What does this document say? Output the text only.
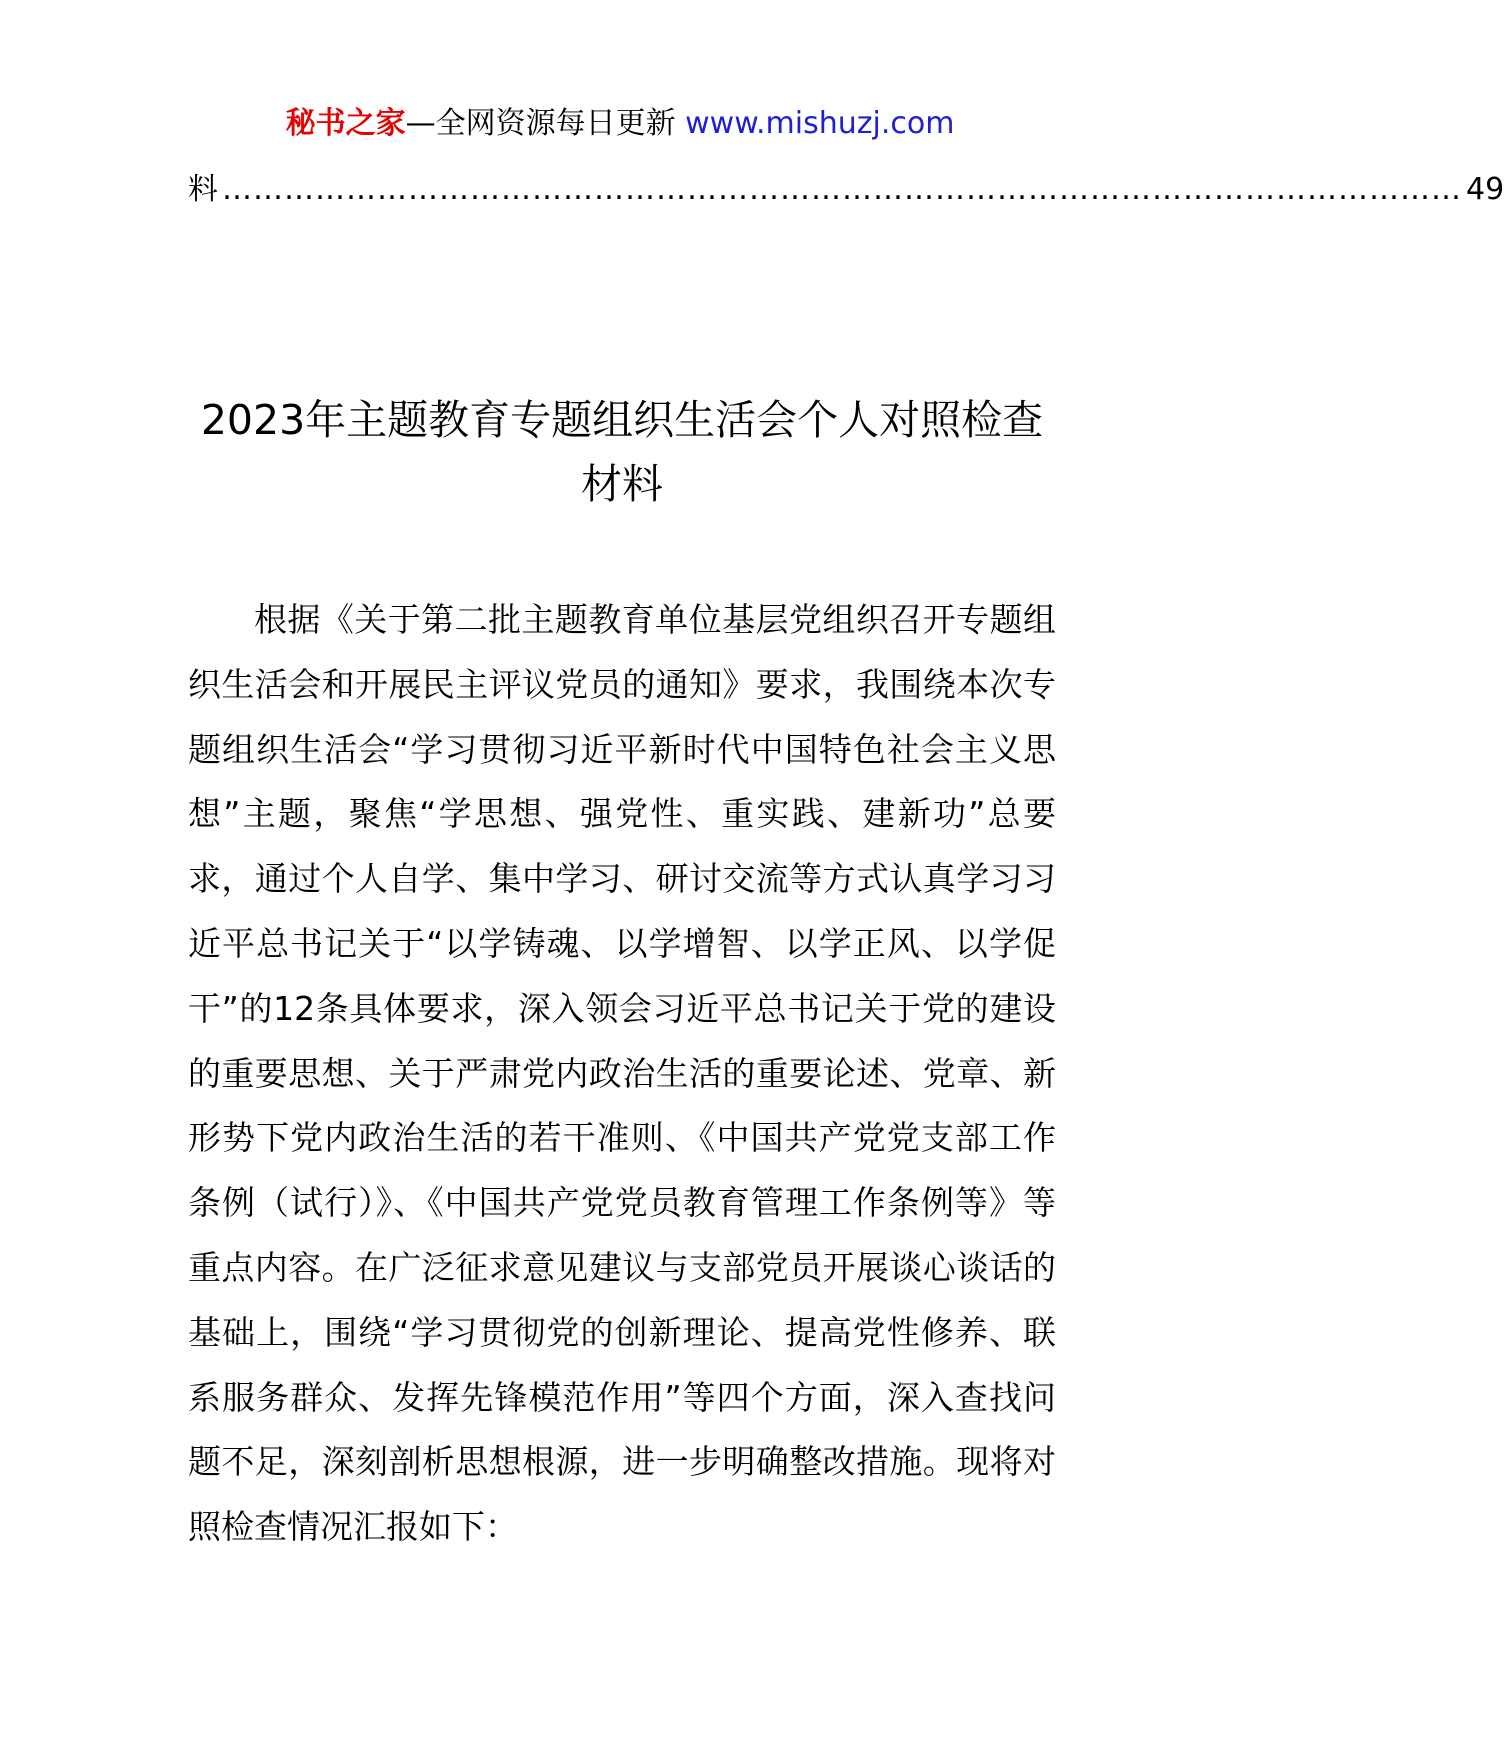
秘书之家—全网资源每日更新 www.mishuzj.com
料 ………………………………………………………………………………………………………… 49
2023年主题教育专题组织生活会个人对照检查材料

根据《关于第二批主题教育单位基层党组织召开专题组织生活会和开展民主评议党员的通知》要求，我围绕本次专题组织生活会“学习贯彻习近平新时代中国特色社会主义思想”主题，聚焦“学思想、强党性、重实践、建新功”总要求，通过个人自学、集中学习、研讨交流等方式认真学习习近平总书记关于“以学铸魂、以学增智、以学正风、以学促干”的12条具体要求，深入领会习近平总书记关于党的建设的重要思想、关于严肃党内政治生活的重要论述、党章、新形势下党内政治生活的若干准则、《中国共产党党支部工作条例（试行）》、《中国共产党党员教育管理工作条例等》等重点内容。在广泛征求意见建议与支部党员开展谈心谈话的基础上，围绕“学习贯彻党的创新理论、提高党性修养、联系服务群众、发挥先锋模范作用”等四个方面，深入查找问题不足，深刻剖析思想根源，进一步明确整改措施。现将对照检查情况汇报如下：
